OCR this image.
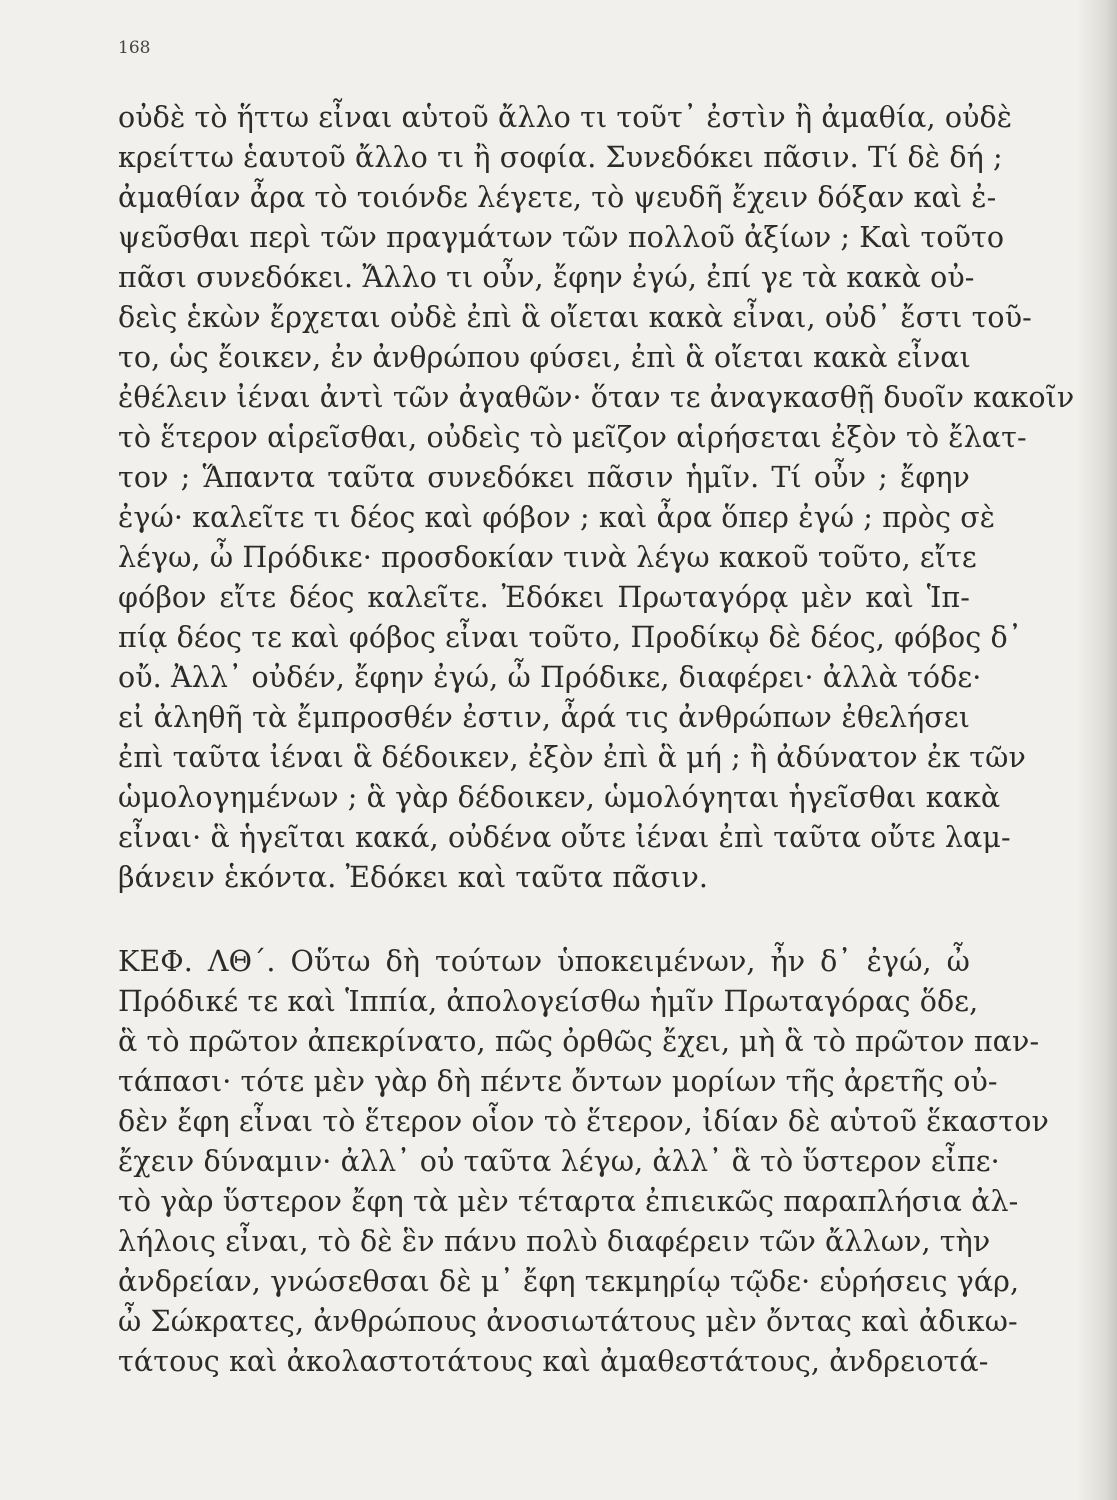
168

οὐδὲ τὸ ἥττω εἶναι αὑτοῦ ἄλλο τι τοῦτ᾽ ἐστὶν ἢ ἀμαθία, οὐδὲ
κρείττω ἑαυτοῦ ἄλλο τι ἢ σοφία. Συνεδόκει πᾶσιν. Τί δὲ δή ;
ἀμαθίαν ἆρα τὸ τοιόνδε λέγετε, τὸ ψευδῆ ἔχειν δόξαν καὶ ἐ-
ψεῦσθαι περὶ τῶν πραγμάτων τῶν πολλοῦ ἀξίων ; Καὶ τοῦτο
πᾶσι συνεδόκει. Ἄλλο τι οὖν, ἔφην ἐγώ, ἐπί γε τὰ κακὰ οὐ-
δεὶς ἑκὼν ἔρχεται οὐδὲ ἐπὶ ἃ οἴεται κακὰ εἶναι, οὐδ᾽ ἔστι τοῦ-
το, ὡς ἔοικεν, ἐν ἀνθρώπου φύσει, ἐπὶ ἃ οἴεται κακὰ εἶναι
ἐθέλειν ἰέναι ἀντὶ τῶν ἀγαθῶν· ὅταν τε ἀναγκασθῇ δυοῖν κακοῖν
τὸ ἕτερον αἱρεῖσθαι, οὐδεὶς τὸ μεῖζον αἱρήσεται ἐξὸν τὸ ἔλατ-
τον ; Ἅπαντα ταῦτα συνεδόκει πᾶσιν ἡμῖν. Τί οὖν ; ἔφην
ἐγώ· καλεῖτε τι δέος καὶ φόβον ; καὶ ἆρα ὅπερ ἐγώ ; πρὸς σὲ
λέγω, ὦ Πρόδικε· προσδοκίαν τινὰ λέγω κακοῦ τοῦτο, εἴτε
φόβον εἴτε δέος καλεῖτε. Ἐδόκει Πρωταγόρᾳ μὲν καὶ Ἱπ-
πίᾳ δέος τε καὶ φόβος εἶναι τοῦτο, Προδίκῳ δὲ δέος, φόβος δ᾽
οὔ. Ἀλλ᾽ οὐδέν, ἔφην ἐγώ, ὦ Πρόδικε, διαφέρει· ἀλλὰ τόδε·
εἰ ἀληθῆ τὰ ἔμπροσθέν ἐστιν, ἆρά τις ἀνθρώπων ἐθελήσει
ἐπὶ ταῦτα ἰέναι ἃ δέδοικεν, ἐξὸν ἐπὶ ἃ μή ; ἢ ἀδύνατον ἐκ τῶν
ὡμολογημένων ; ἃ γὰρ δέδοικεν, ὡμολόγηται ἡγεῖσθαι κακὰ
εἶναι· ἃ ἡγεῖται κακά, οὐδένα οὔτε ἰέναι ἐπὶ ταῦτα οὔτε λαμ-
βάνειν ἑκόντα. Ἐδόκει καὶ ταῦτα πᾶσιν.
ΚΕΦ. ΛΘ΄. Οὕτω δὴ τούτων ὑποκειμένων, ἦν δ᾽ ἐγώ, ὦ
Πρόδικέ τε καὶ Ἱππία, ἀπολογείσθω ἡμῖν Πρωταγόρας ὅδε,
ἃ τὸ πρῶτον ἀπεκρίνατο, πῶς ὀρθῶς ἔχει, μὴ ἃ τὸ πρῶτον παν-
τάπασι· τότε μὲν γὰρ δὴ πέντε ὄντων μορίων τῆς ἀρετῆς οὐ-
δὲν ἔφη εἶναι τὸ ἕτερον οἷον τὸ ἕτερον, ἰδίαν δὲ αὑτοῦ ἕκαστον
ἔχειν δύναμιν· ἀλλ᾽ οὐ ταῦτα λέγω, ἀλλ᾽ ἃ τὸ ὕστερον εἶπε·
τὸ γὰρ ὕστερον ἔφη τὰ μὲν τέταρτα ἐπιεικῶς παραπλήσια ἀλ-
λήλοις εἶναι, τὸ δὲ ἓν πάνυ πολὺ διαφέρειν τῶν ἄλλων, τὴν
ἀνδρείαν, γνώσεθσαι δὲ μ᾽ ἔφη τεκμηρίῳ τῷδε· εὑρήσεις γάρ,
ὦ Σώκρατες, ἀνθρώπους ἀνοσιωτάτους μὲν ὄντας καὶ ἀδικω-
τάτους καὶ ἀκολαστοτάτους καὶ ἀμαθεστάτους, ἀνδρειοτά-
